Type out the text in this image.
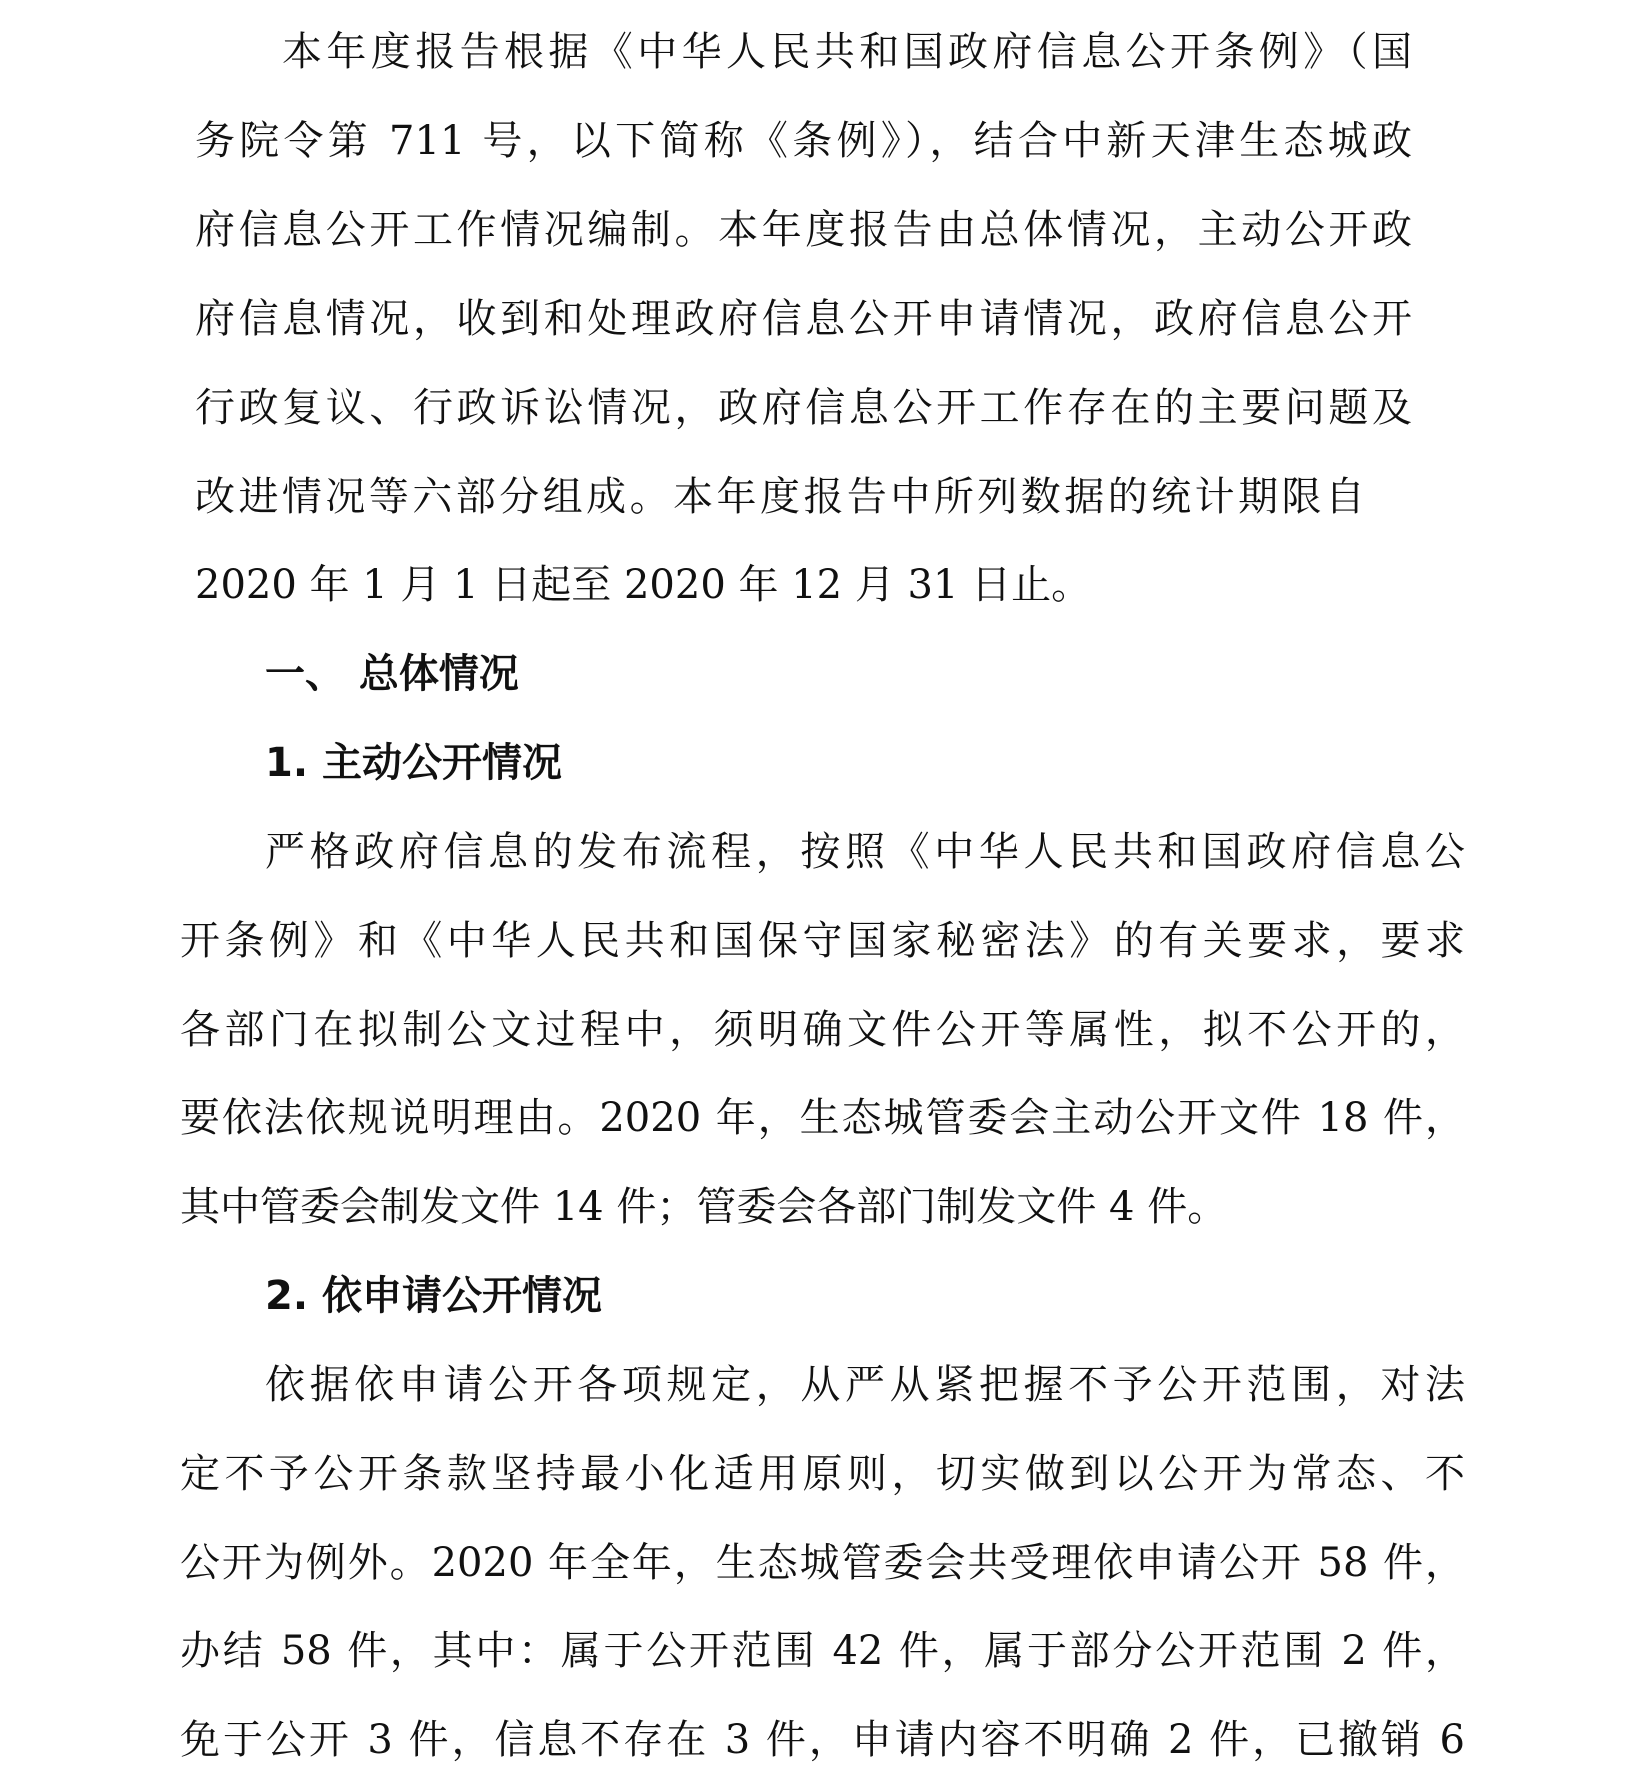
本年度报告根据《中华人民共和国政府信息公开条例》（国
务院令第 711 号，以下简称《条例》），结合中新天津生态城政
府信息公开工作情况编制。本年度报告由总体情况，主动公开政
府信息情况，收到和处理政府信息公开申请情况，政府信息公开
行政复议、行政诉讼情况，政府信息公开工作存在的主要问题及
改进情况等六部分组成。本年度报告中所列数据的统计期限自
2020 年 1 月 1 日起至 2020 年 12 月 31 日止。
一、 总体情况
1. 主动公开情况
严格政府信息的发布流程，按照《中华人民共和国政府信息公
开条例》和《中华人民共和国保守国家秘密法》的有关要求，要求
各部门在拟制公文过程中，须明确文件公开等属性，拟不公开的，
要依法依规说明理由。2020 年，生态城管委会主动公开文件 18 件，
其中管委会制发文件 14 件；管委会各部门制发文件 4 件。
2. 依申请公开情况
依据依申请公开各项规定，从严从紧把握不予公开范围，对法
定不予公开条款坚持最小化适用原则，切实做到以公开为常态、不
公开为例外。2020 年全年，生态城管委会共受理依申请公开 58 件，
办结 58 件，其中：属于公开范围 42 件，属于部分公开范围 2 件，
免于公开 3 件，信息不存在 3 件，申请内容不明确 2 件，已撤销 6
